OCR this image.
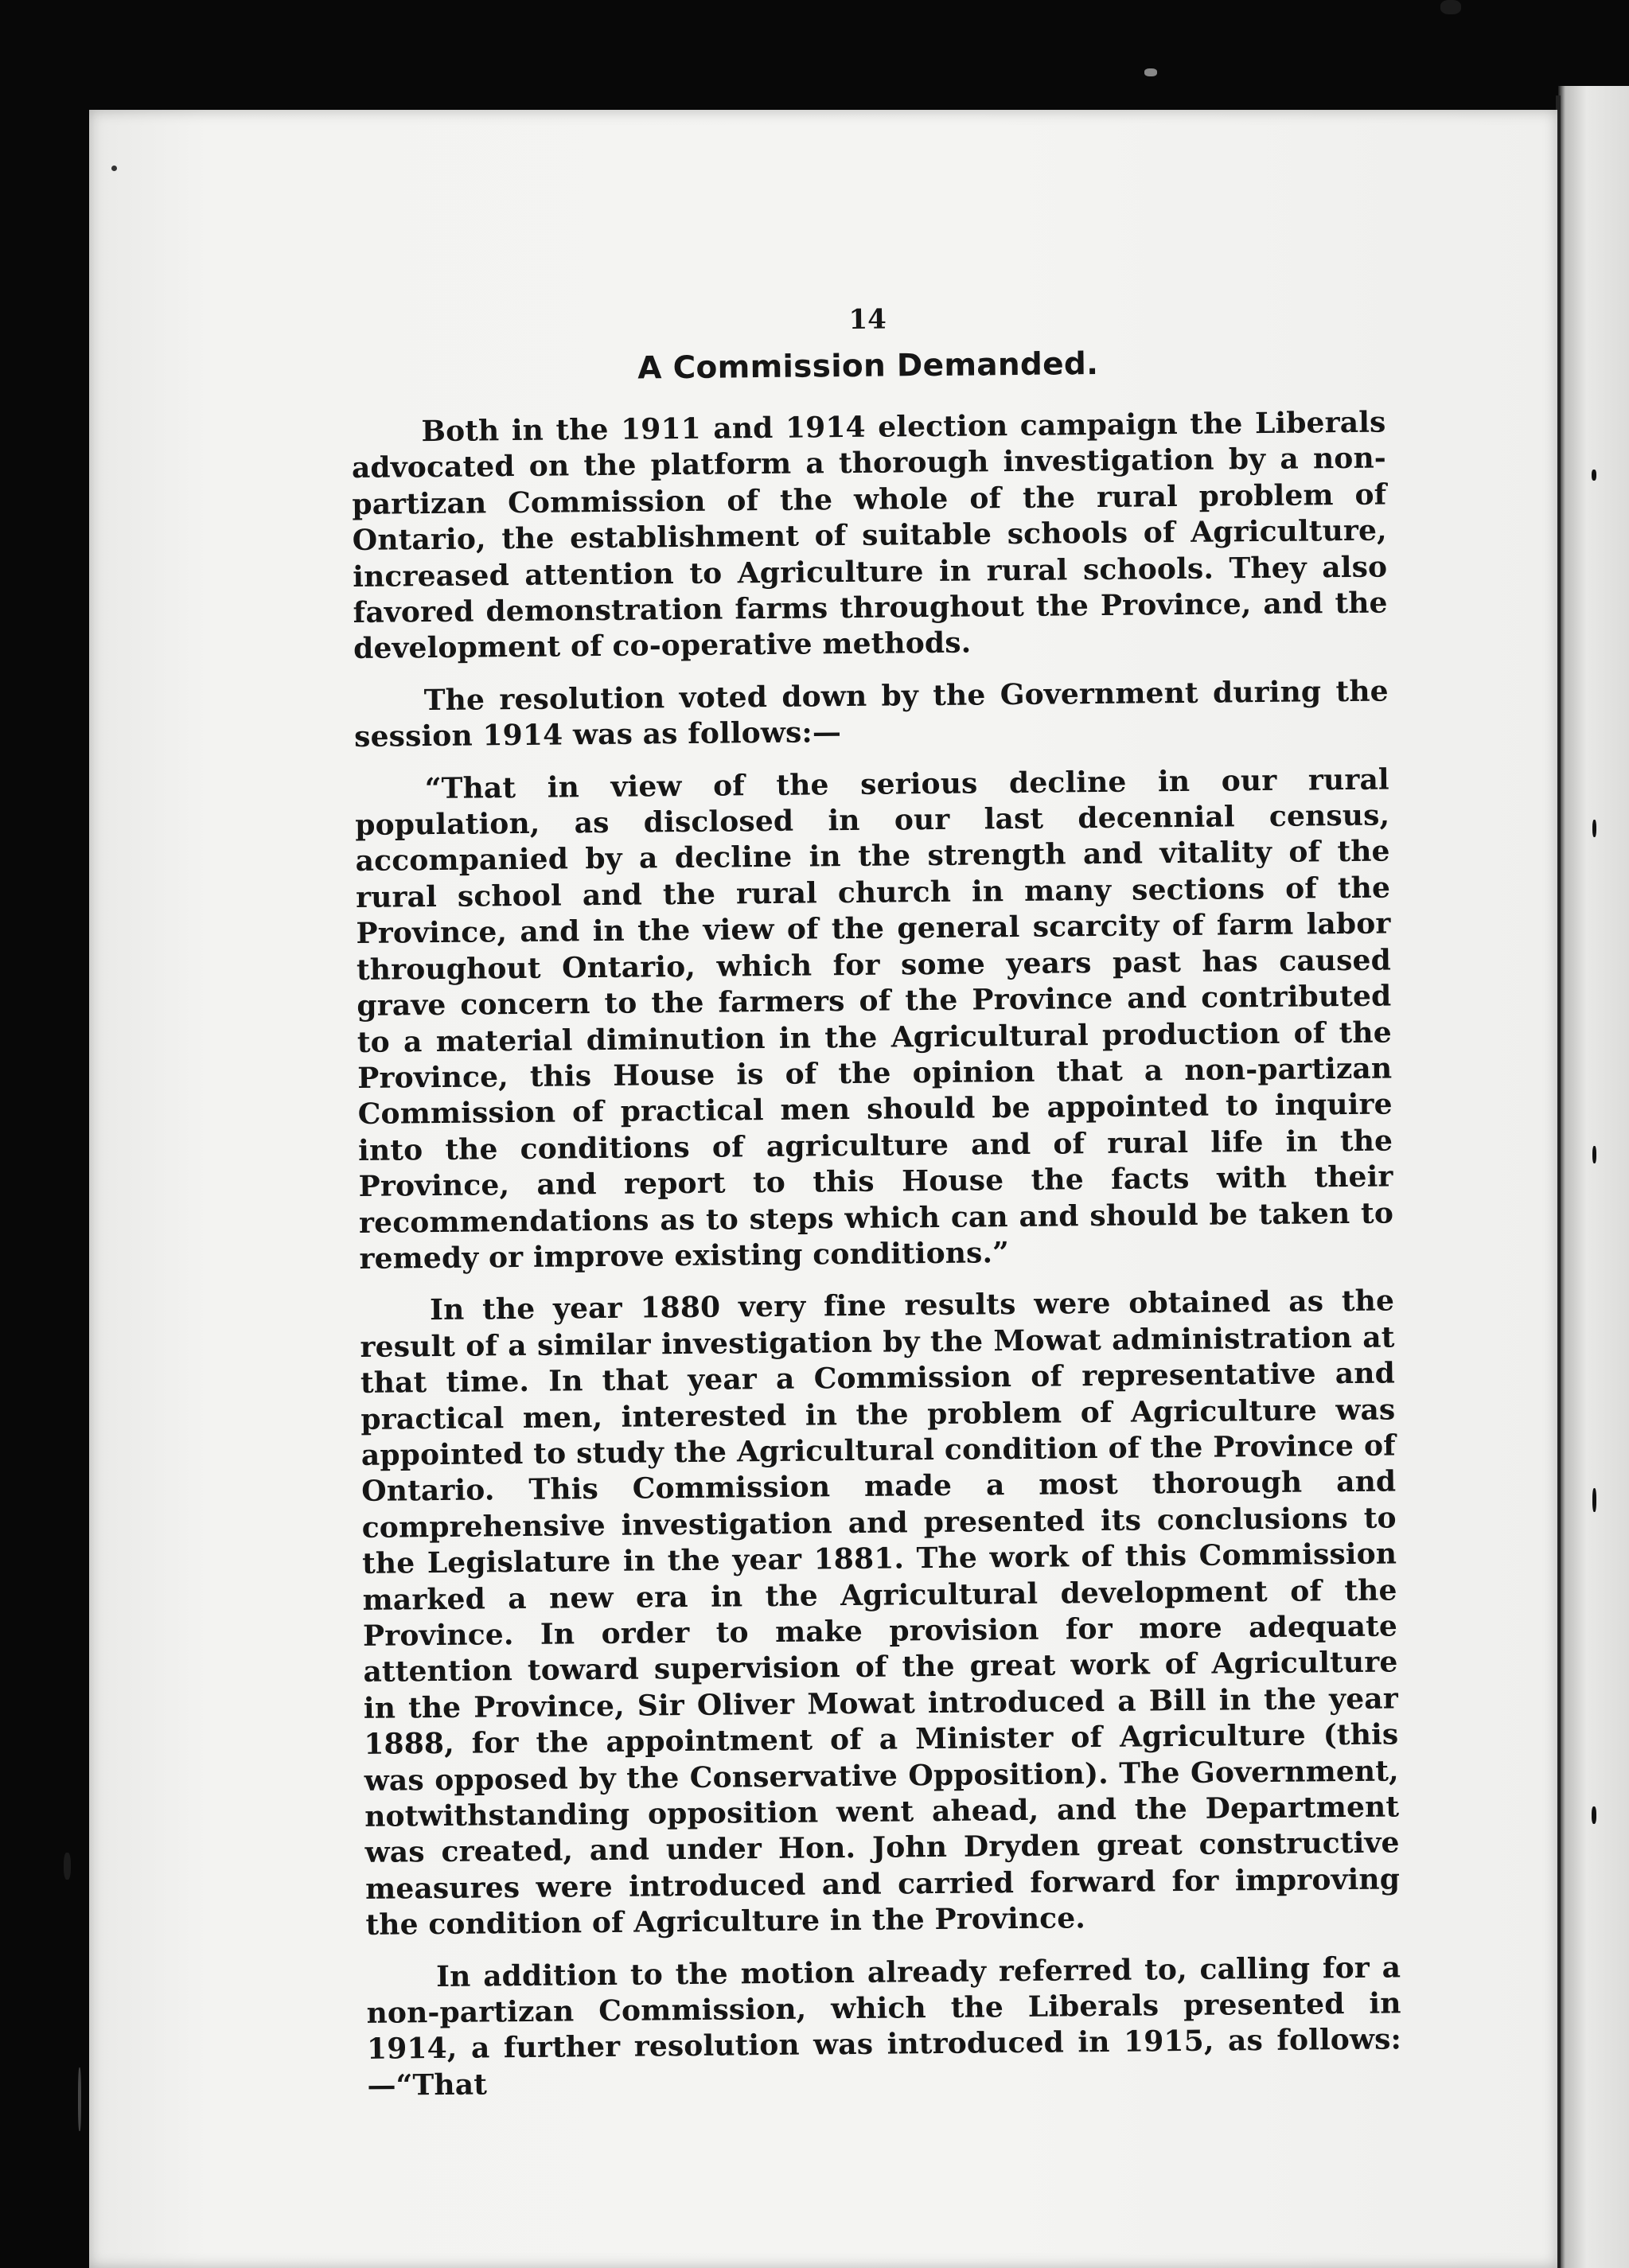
14
A Commission Demanded.

Both in the 1911 and 1914 election campaign the Liberals advocated on the platform a thorough investigation by a non-partizan Commission of the whole of the rural problem of Ontario, the establishment of suitable schools of Agriculture, increased attention to Agriculture in rural schools. They also favored demonstration farms throughout the Province, and the development of co-operative methods.

The resolution voted down by the Government during the session 1914 was as follows:—

“That in view of the serious decline in our rural population, as disclosed in our last decennial census, accompanied by a decline in the strength and vitality of the rural school and the rural church in many sections of the Province, and in the view of the general scarcity of farm labor throughout Ontario, which for some years past has caused grave concern to the farmers of the Province and contributed to a material diminution in the Agricultural production of the Province, this House is of the opinion that a non-partizan Commission of practical men should be appointed to inquire into the conditions of agriculture and of rural life in the Province, and report to this House the facts with their recommendations as to steps which can and should be taken to remedy or improve existing conditions.”

In the year 1880 very fine results were obtained as the result of a similar investigation by the Mowat administration at that time. In that year a Commission of representative and practical men, interested in the problem of Agriculture was appointed to study the Agricultural condition of the Province of Ontario. This Commission made a most thorough and comprehensive investigation and presented its conclusions to the Legislature in the year 1881. The work of this Commission marked a new era in the Agricultural development of the Province. In order to make provision for more adequate attention toward supervision of the great work of Agriculture in the Province, Sir Oliver Mowat introduced a Bill in the year 1888, for the appointment of a Minister of Agriculture (this was opposed by the Conservative Opposition). The Government, notwithstanding opposition went ahead, and the Department was created, and under Hon. John Dryden great constructive measures were introduced and carried forward for improving the condition of Agriculture in the Province.

In addition to the motion already referred to, calling for a non-partizan Commission, which the Liberals presented in 1914, a further resolution was introduced in 1915, as follows:—“That
